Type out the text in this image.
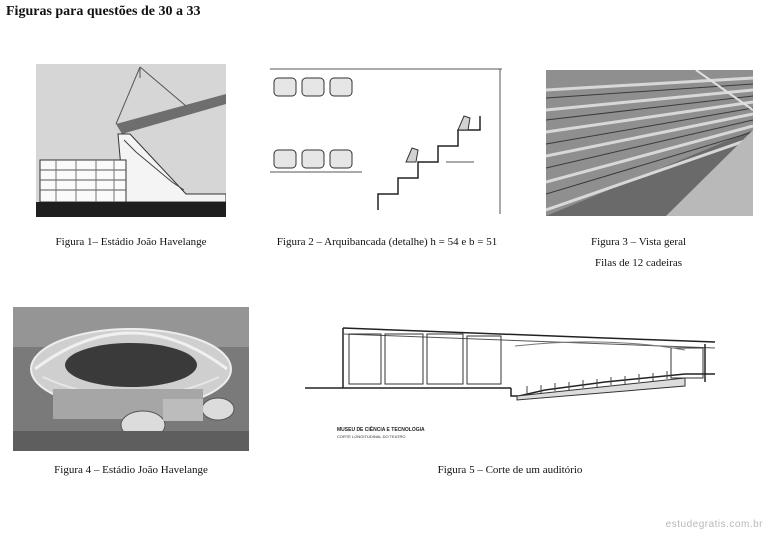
Figuras para questões de 30 a 33
Figura 1– Estádio João Havelange	Figura 2 – Arquibancada (detalhe) h = 54 e b = 51	Figura 3 – Vista geral
Filas de 12 cadeiras
Figura 4 – Estádio João Havelange
MUSEU DE CIÊNCIA E TECNOLOGIA
CORTE LONGITUDINAL DO TEATRO
Figura 5 – Corte de um auditório
estudegratis.com.br
